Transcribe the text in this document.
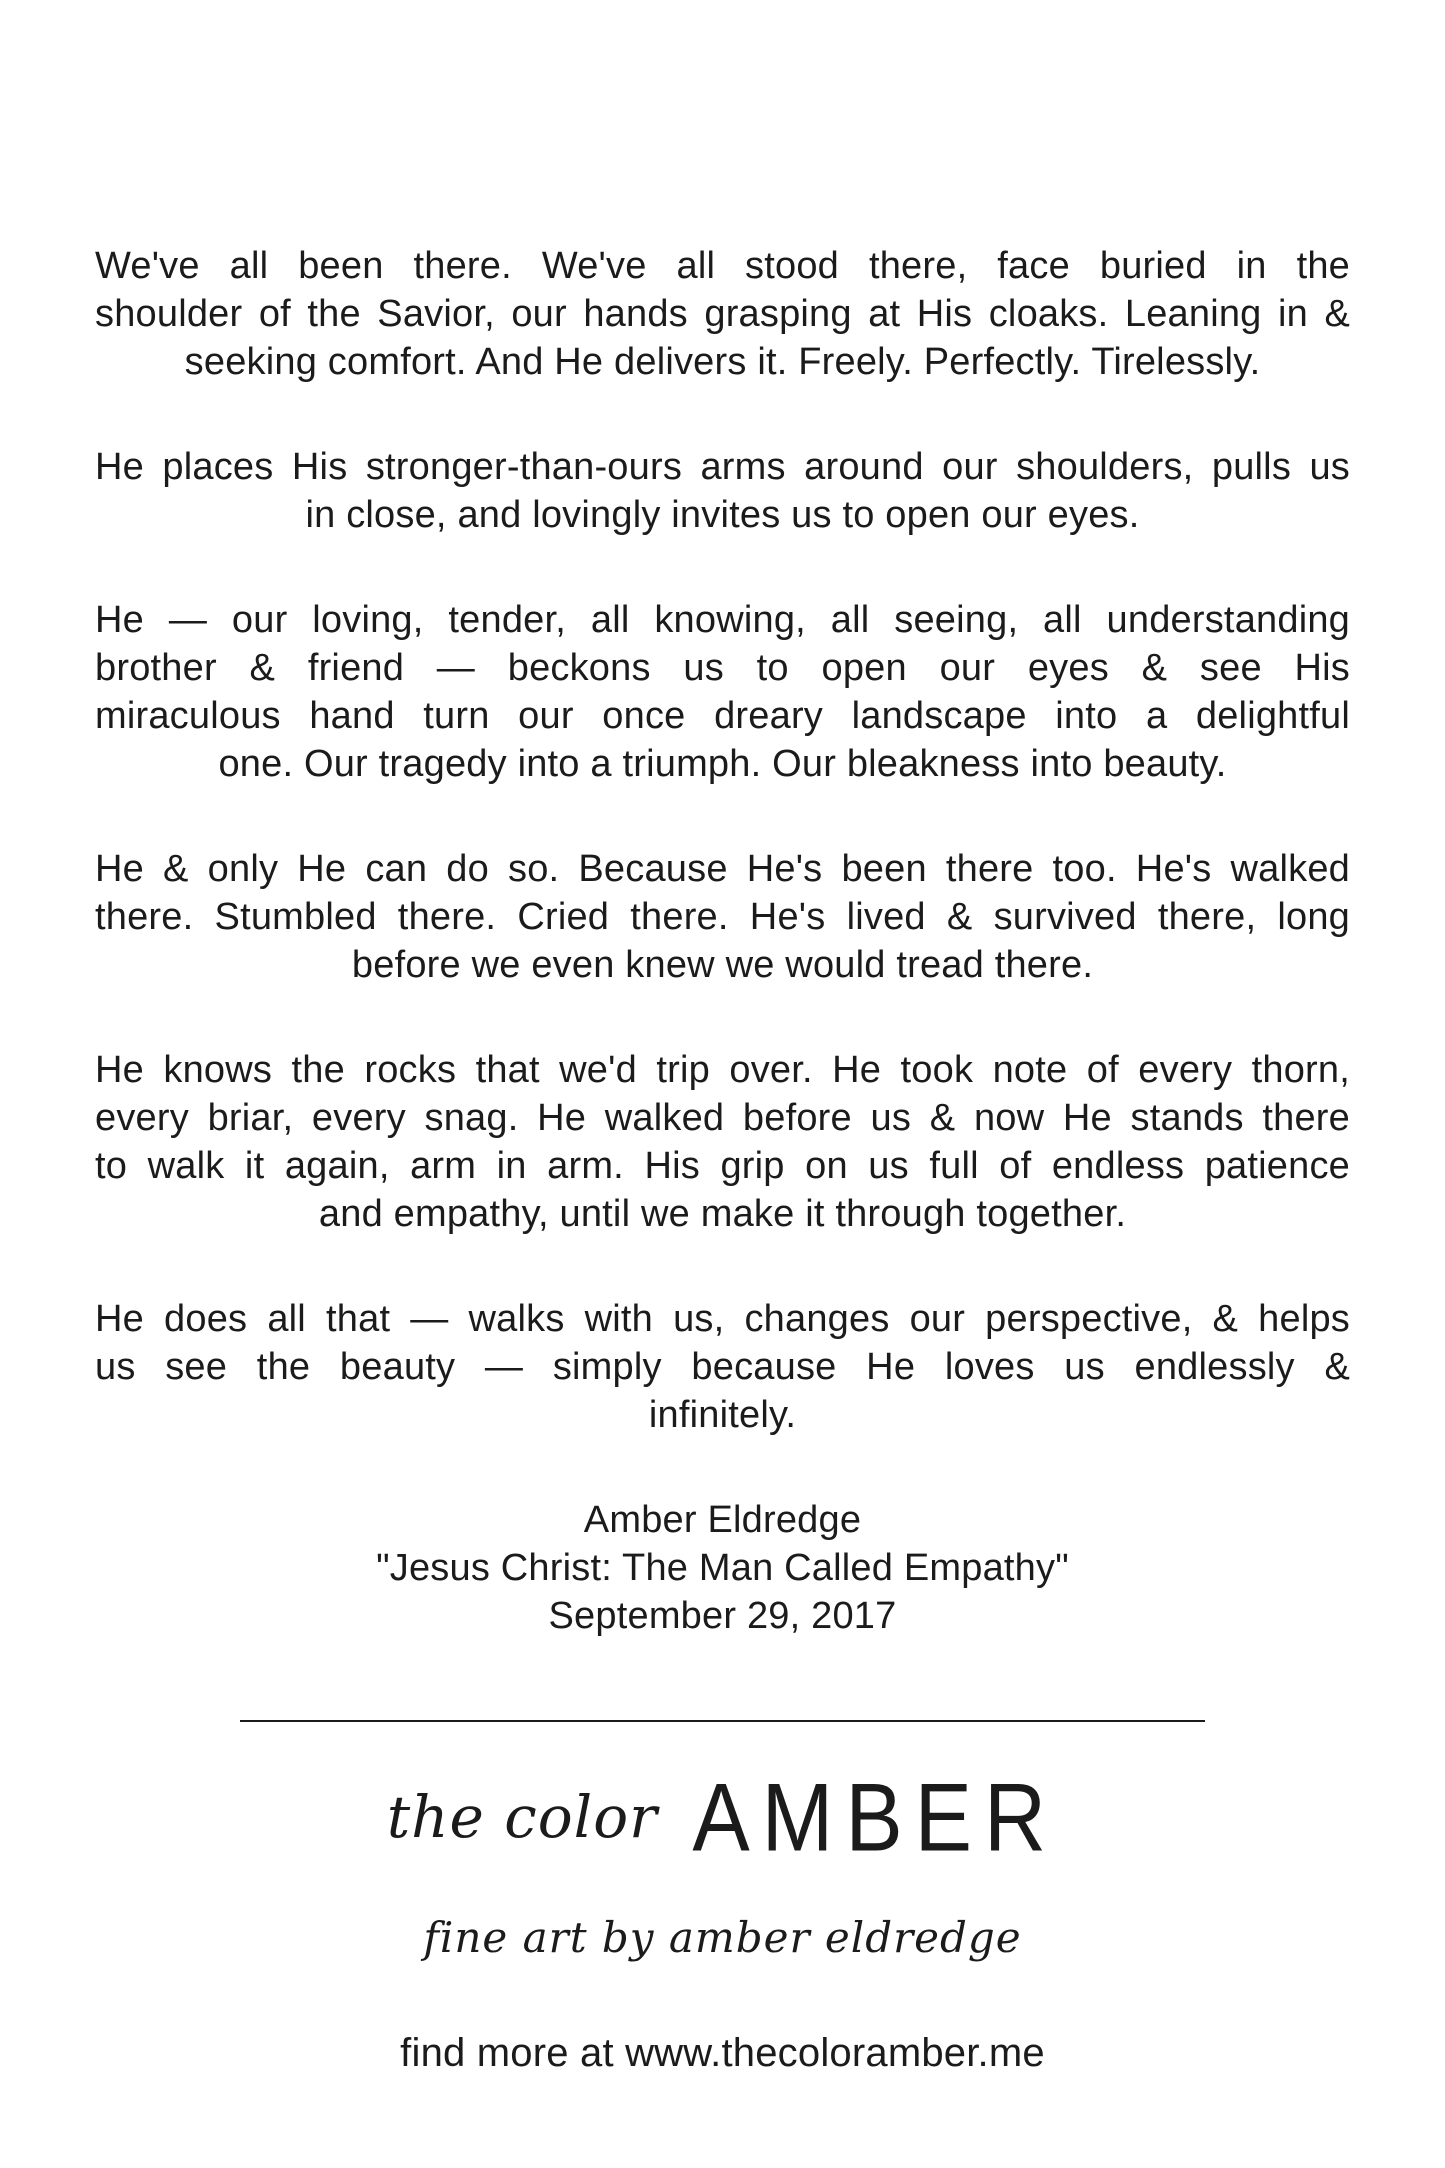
We've all been there. We've all stood there, face buried in the
shoulder of the Savior, our hands grasping at His cloaks. Leaning in &
seeking comfort. And He delivers it. Freely. Perfectly. Tirelessly.
He places His stronger-than-ours arms around our shoulders, pulls us
in close, and lovingly invites us to open our eyes.
He — our loving, tender, all knowing, all seeing, all understanding
brother & friend — beckons us to open our eyes & see His
miraculous hand turn our once dreary landscape into a delightful
one. Our tragedy into a triumph. Our bleakness into beauty.
He & only He can do so. Because He's been there too. He's walked
there. Stumbled there. Cried there. He's lived & survived there, long
before we even knew we would tread there.
He knows the rocks that we'd trip over. He took note of every thorn,
every briar, every snag. He walked before us & now He stands there
to walk it again, arm in arm. His grip on us full of endless patience
and empathy, until we make it through together.
He does all that — walks with us, changes our perspective, & helps
us see the beauty — simply because He loves us endlessly &
infinitely.
Amber Eldredge
"Jesus Christ: The Man Called Empathy"
September 29, 2017
the color AMBER
fine art by amber eldredge
find more at www.thecoloramber.me
